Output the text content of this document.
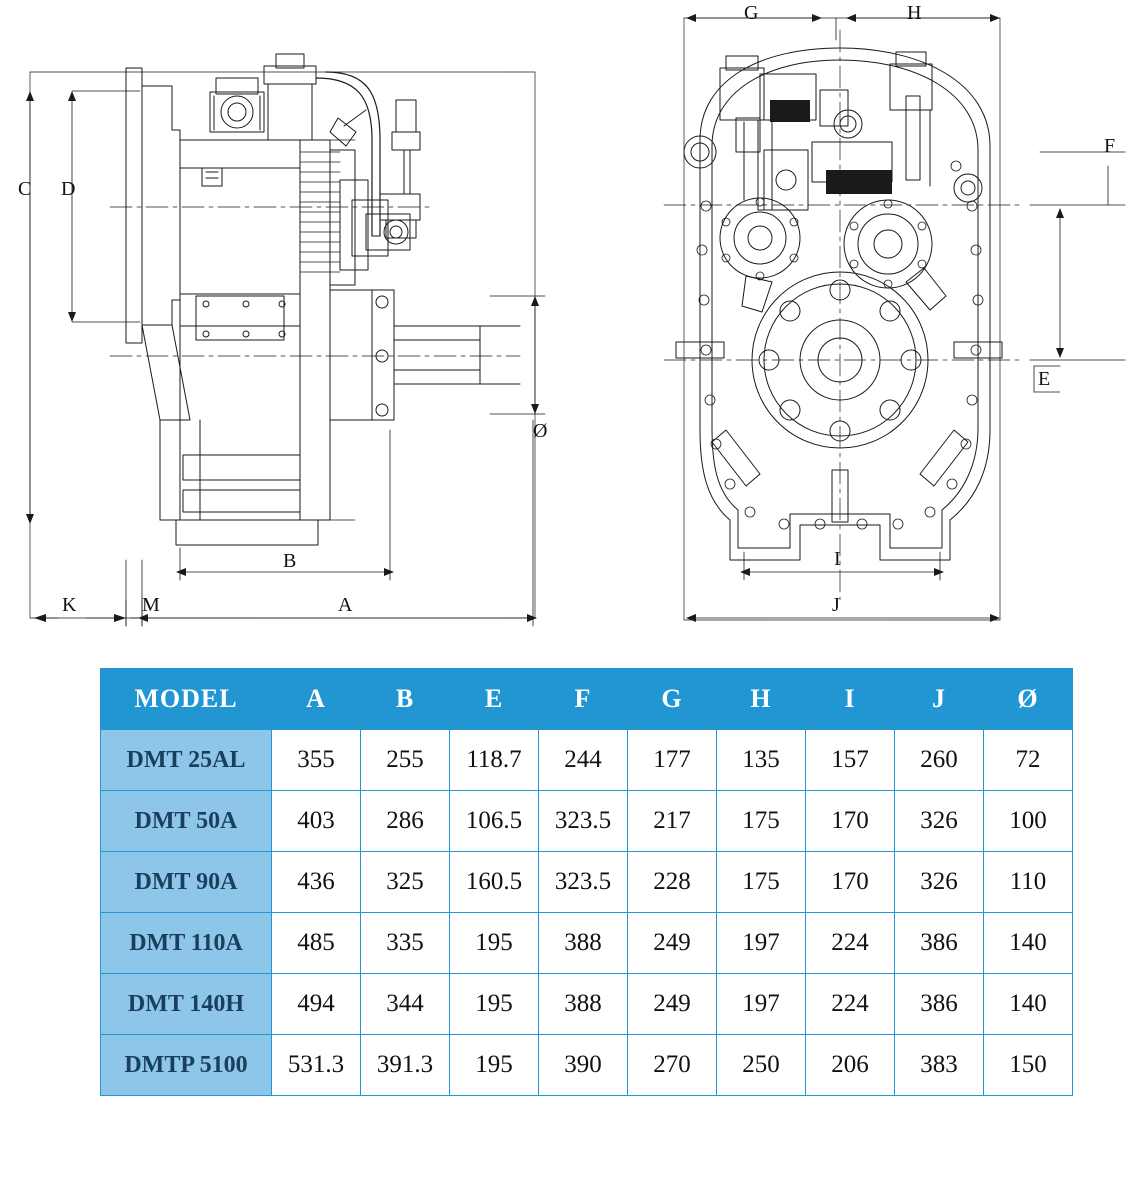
C D
Ø
B
A
K	M
G	H
F
E
I
J
MODEL	A	B	E	F	G	H	I	J	Ø
DMT 25AL	355	255	118.7	244	177	135	157	260	72
DMT 50A	403	286	106.5	323.5	217	175	170	326	100
DMT 90A	436	325	160.5	323.5	228	175	170	326	110
DMT 110A	485	335	195	388	249	197	224	386	140
DMT 140H	494	344	195	388	249	197	224	386	140
DMTP 5100	531.3	391.3	195	390	270	250	206	383	150
